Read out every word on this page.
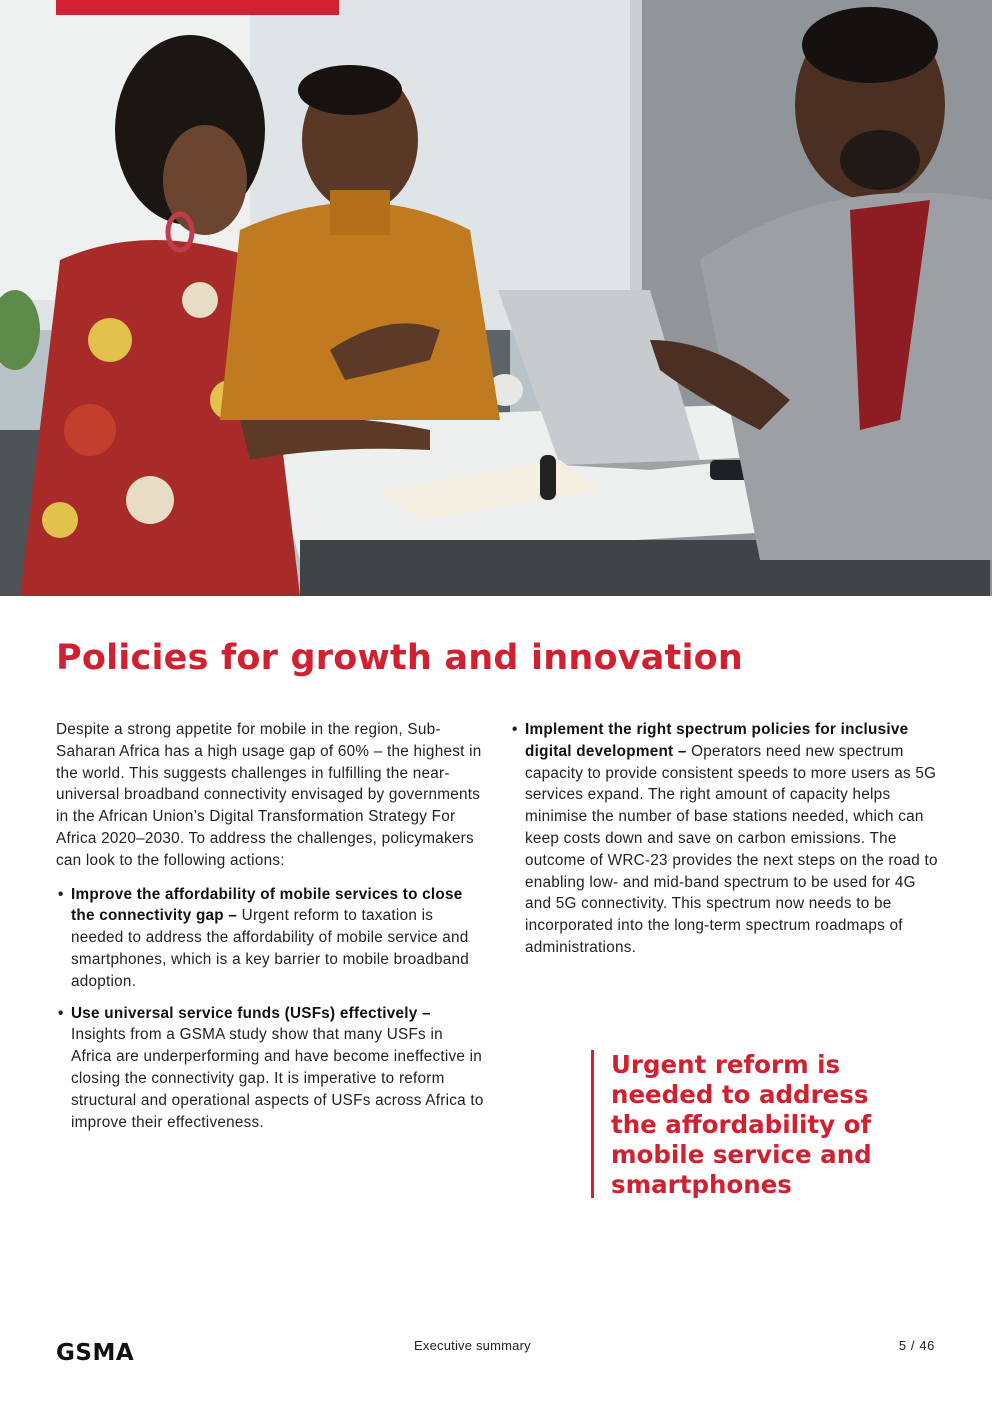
Policies for growth and innovation

Despite a strong appetite for mobile in the region, Sub-Saharan Africa has a high usage gap of 60% – the highest in the world. This suggests challenges in fulfilling the near-universal broadband connectivity envisaged by governments in the African Union’s Digital Transformation Strategy For Africa 2020–2030. To address the challenges, policymakers can look to the following actions:

• Improve the affordability of mobile services to close the connectivity gap – Urgent reform to taxation is needed to address the affordability of mobile service and smartphones, which is a key barrier to mobile broadband adoption.
• Use universal service funds (USFs) effectively – Insights from a GSMA study show that many USFs in Africa are underperforming and have become ineffective in closing the connectivity gap. It is imperative to reform structural and operational aspects of USFs across Africa to improve their effectiveness.
• Implement the right spectrum policies for inclusive digital development – Operators need new spectrum capacity to provide consistent speeds to more users as 5G services expand. The right amount of capacity helps minimise the number of base stations needed, which can keep costs down and save on carbon emissions. The outcome of WRC-23 provides the next steps on the road to enabling low- and mid-band spectrum to be used for 4G and 5G connectivity. This spectrum now needs to be incorporated into the long-term spectrum roadmaps of administrations.
Urgent reform is needed to address the affordability of mobile service and smartphones
GSMA	Executive summary	5 / 46
